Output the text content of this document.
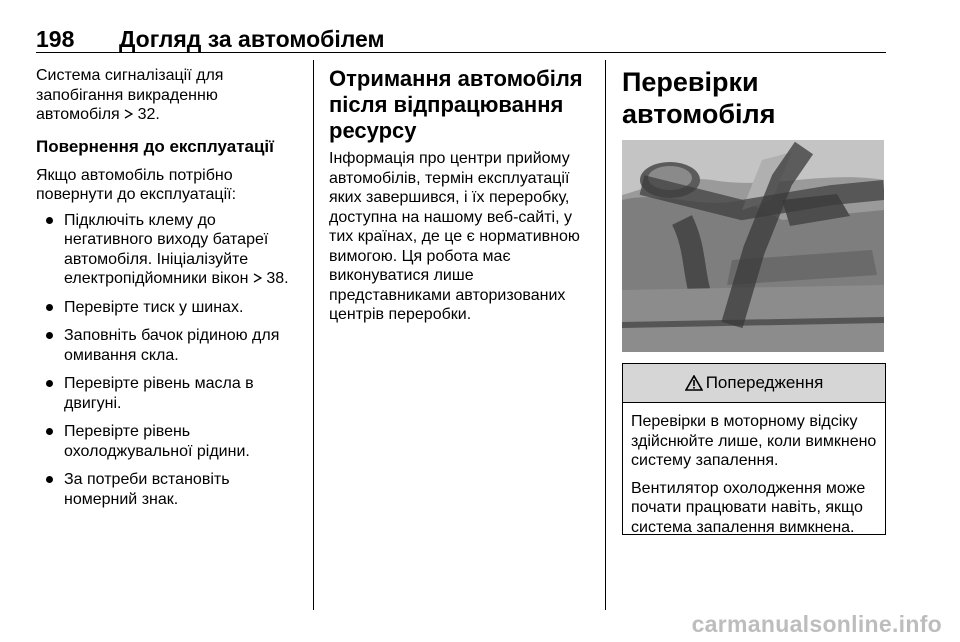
198 Догляд за автомобілем

Система сигналізації для запобігання викраденню автомобіля 32.

Повернення до експлуатації

Якщо автомобіль потрібно повернути до експлуатації:

Підключіть клему до негативного виходу батареї автомобіля. Ініціалізуйте електропідйомники вікон 38.
Перевірте тиск у шинах.
Заповніть бачок рідиною для омивання скла.
Перевірте рівень масла в двигуні.
Перевірте рівень охолоджувальної рідини.
За потреби встановіть номерний знак.
Отримання автомобіля після відпрацювання ресурсу

Інформація про центри прийому автомобілів, термін експлуатації яких завершився, і їх переробку, доступна на нашому веб-сайті, у тих країнах, де це є нормативною вимогою. Ця робота має виконуватися лише представниками авторизованих центрів переробки.

Перевірки автомобіля
Попередження

Перевірки в моторному відсіку здійснюйте лише, коли вимкнено систему запалення.

Вентилятор охолодження може почати працювати навіть, якщо система запалення вимкнена.

carmanualsonline.info
